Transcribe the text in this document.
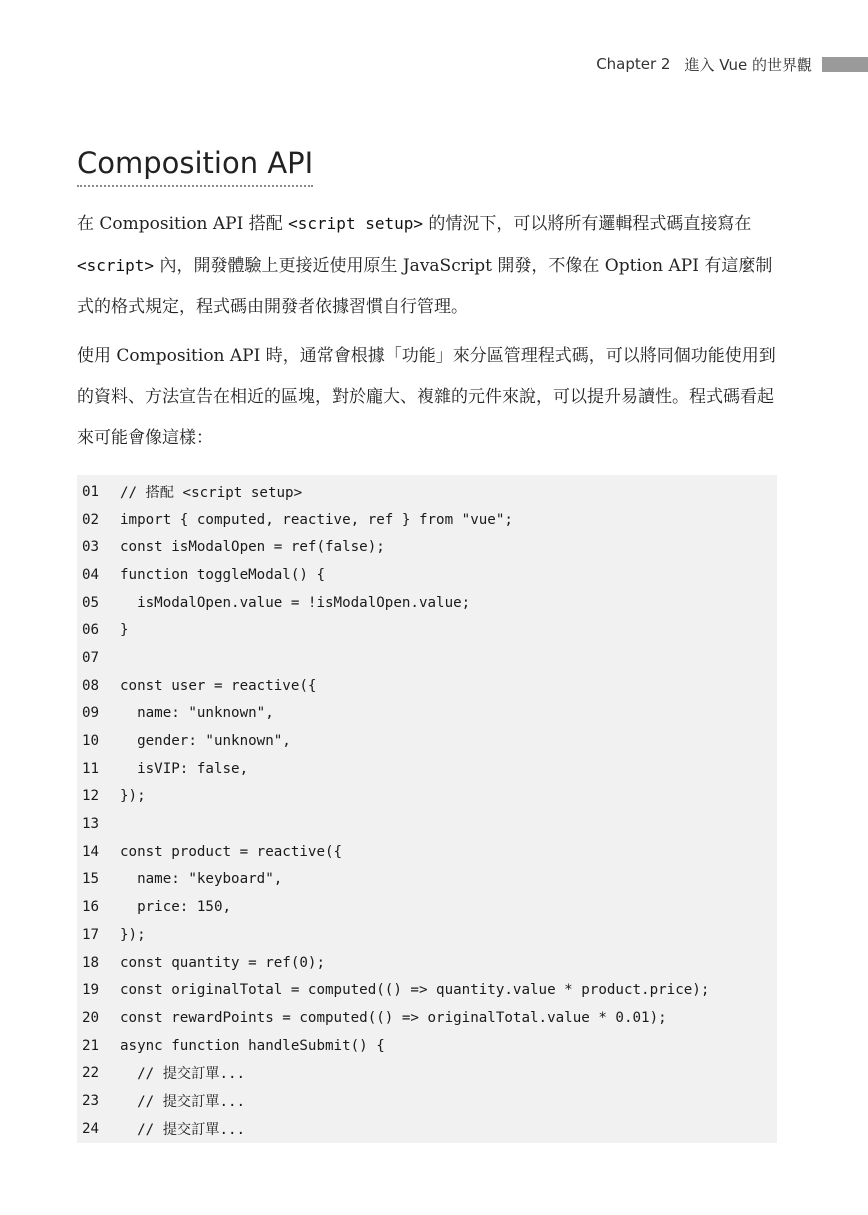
Chapter 2 進入 Vue 的世界觀
Composition API

在 Composition API 搭配 <script setup> 的情況下，可以將所有邏輯程式碼直接寫在 <script> 內，開發體驗上更接近使用原生 JavaScript 開發，不像在 Option API 有這麼制式的格式規定，程式碼由開發者依據習慣自行管理。

使用 Composition API 時，通常會根據「功能」來分區管理程式碼，可以將同個功能使用到的資料、方法宣告在相近的區塊，對於龐大、複雜的元件來說，可以提升易讀性。程式碼看起來可能會像這樣：

01	// 搭配 <script setup>
02	import { computed, reactive, ref } from "vue";
03	const isModalOpen = ref(false);
04	function toggleModal() {
05	isModalOpen.value = !isModalOpen.value;
06	}
07
08	const user = reactive({
09	name: "unknown",
10	gender: "unknown",
11	isVIP: false,
12	});
13
14	const product = reactive({
15	name: "keyboard",
16	price: 150,
17	});
18	const quantity = ref(0);
19	const originalTotal = computed(() => quantity.value * product.price);
20	const rewardPoints = computed(() => originalTotal.value * 0.01);
21	async function handleSubmit() {
22	// 提交訂單...
23	// 提交訂單...
24	// 提交訂單...
